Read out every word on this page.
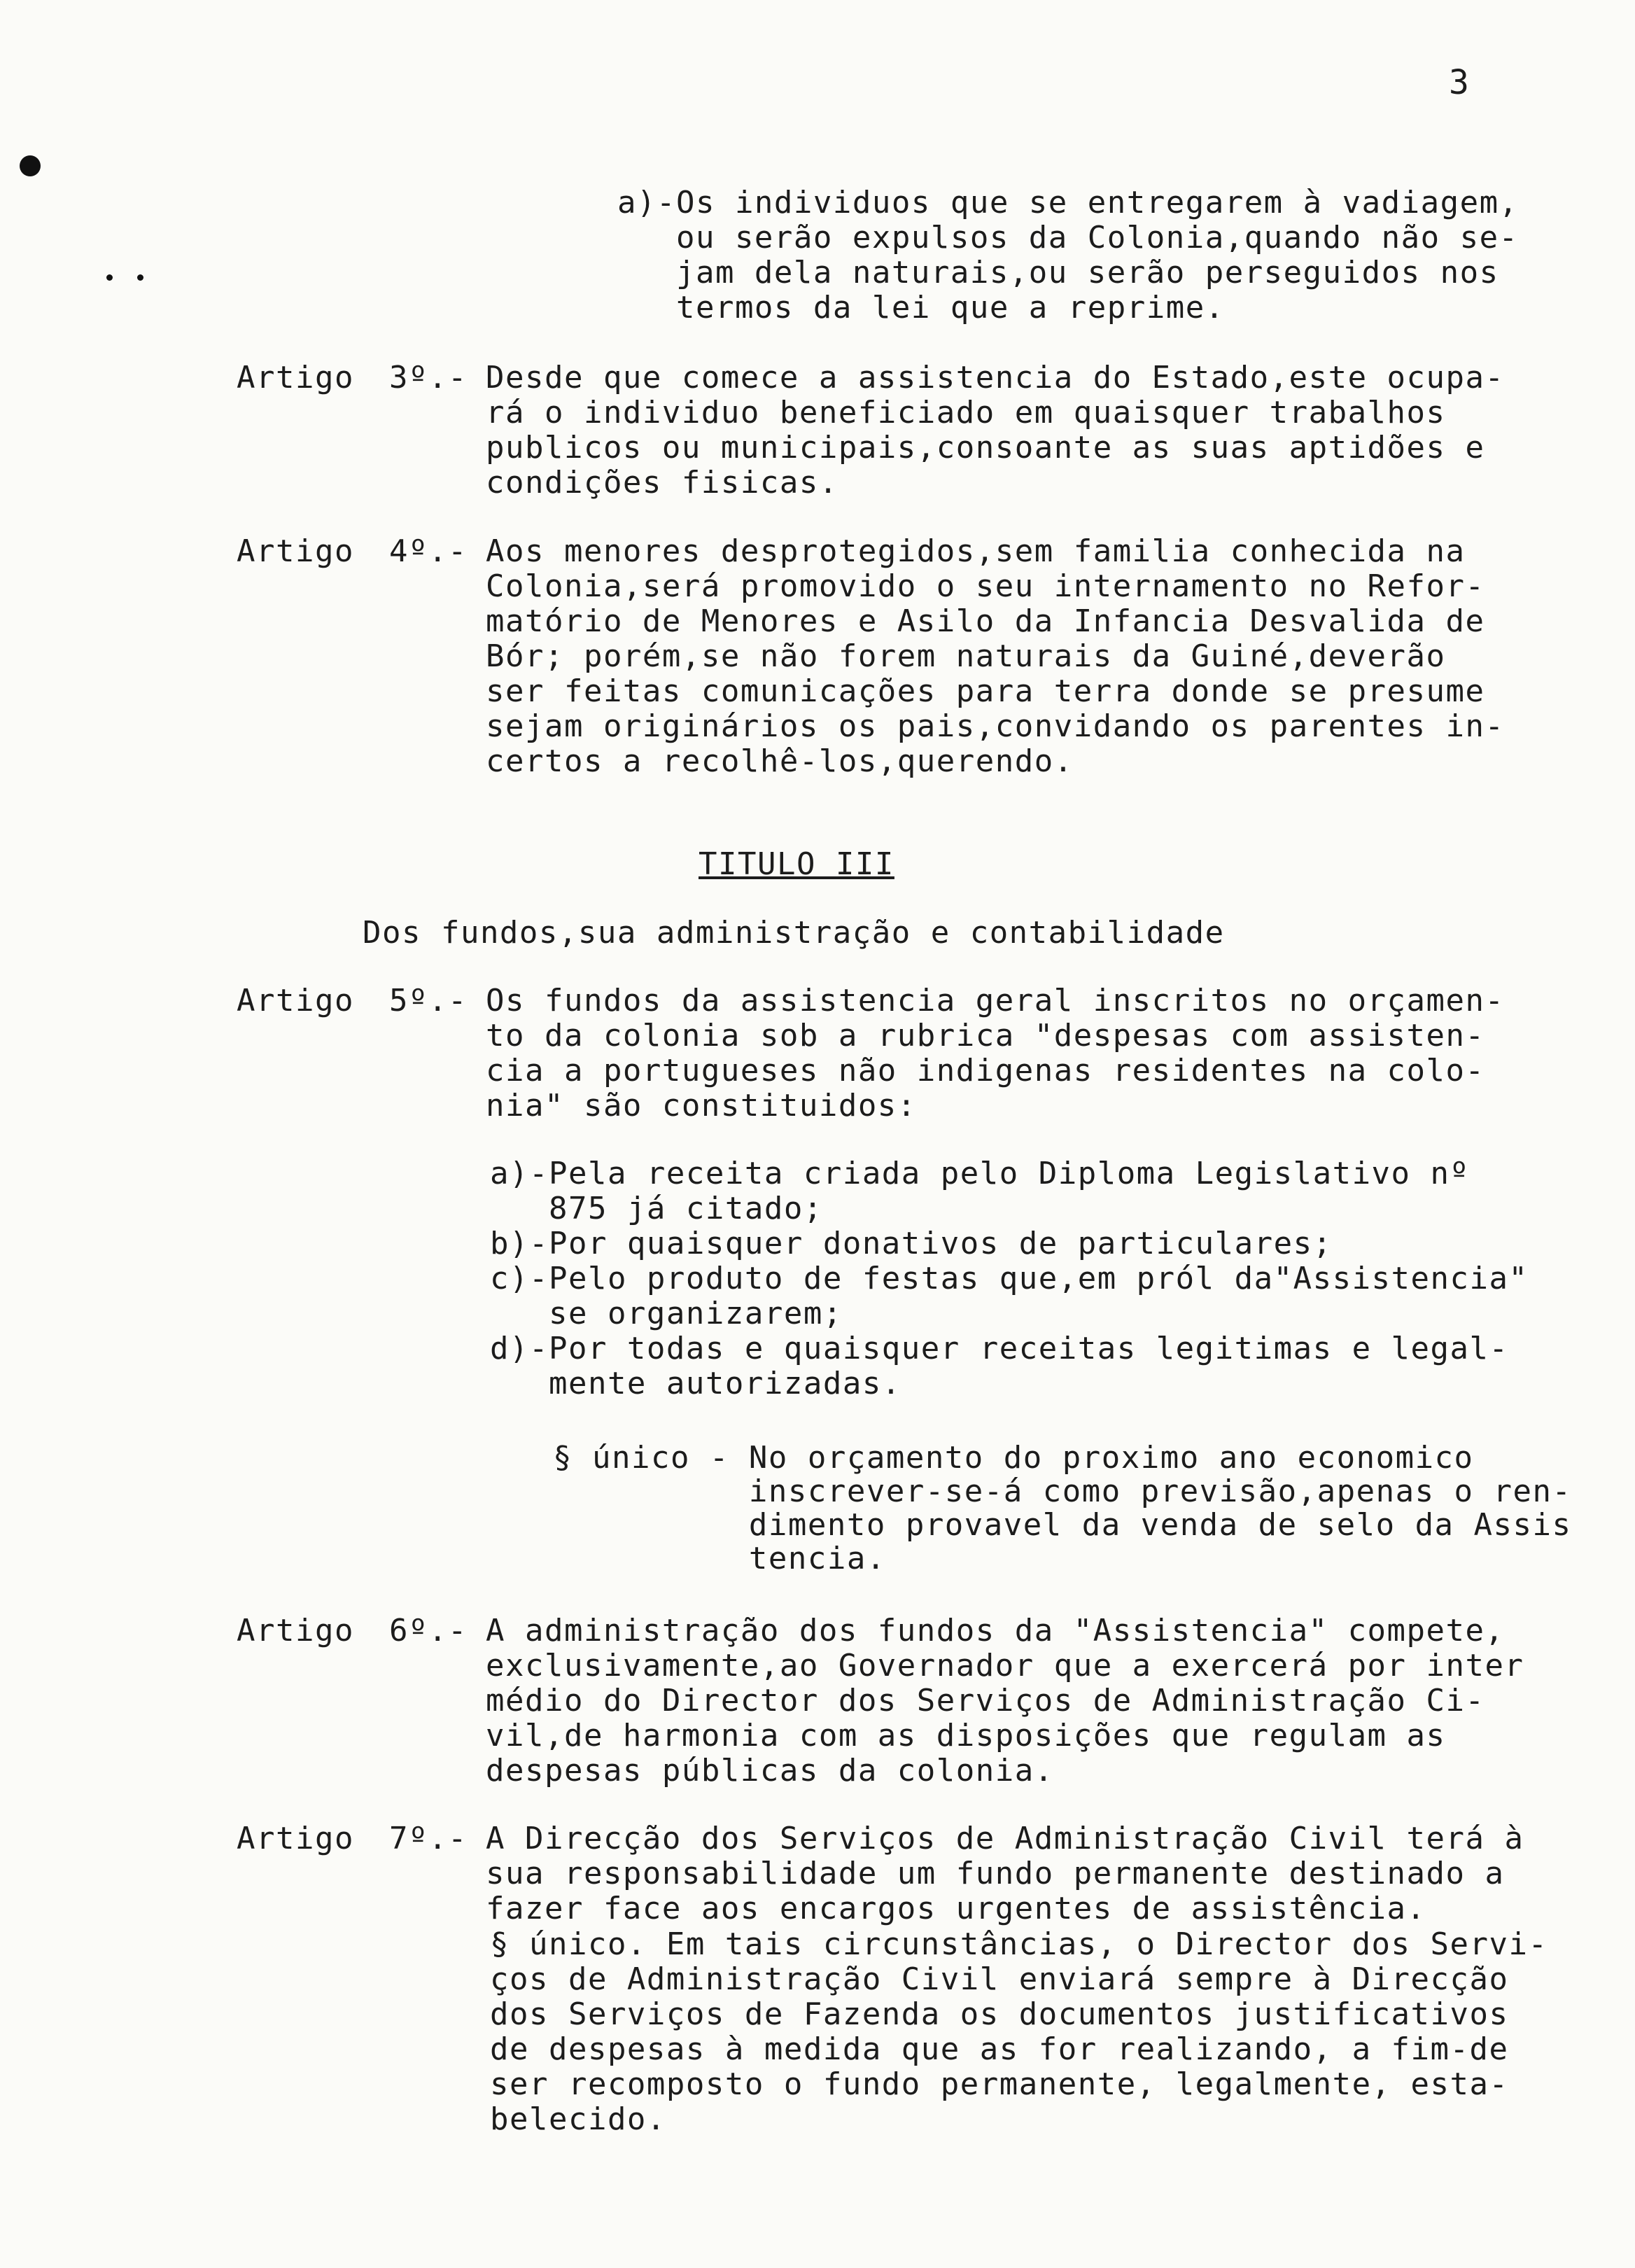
3
a)-Os individuos que se entregarem à vadiagem,
ou serão expulsos da Colonia,quando não se-
jam dela naturais,ou serão perseguidos nos
termos da lei que a reprime.
Artigo 3º.- Desde que comece a assistencia do Estado,este ocupa-
rá o individuo beneficiado em quaisquer trabalhos
publicos ou municipais,consoante as suas aptidões e
condições fisicas.
Artigo 4º.- Aos menores desprotegidos,sem familia conhecida na
Colonia,será promovido o seu internamento no Refor-
matório de Menores e Asilo da Infancia Desvalida de
Bór; porém,se não forem naturais da Guiné,deverão
ser feitas comunicações para terra donde se presume
sejam originários os pais,convidando os parentes in-
certos a recolhê-los,querendo.
TITULO III
Dos fundos,sua administração e contabilidade
Artigo 5º.- Os fundos da assistencia geral inscritos no orçamen-
to da colonia sob a rubrica "despesas com assisten-
cia a portugueses não indigenas residentes na colo-
nia" são constituidos:
a)-Pela receita criada pelo Diploma Legislativo nº
875 já citado;
b)-Por quaisquer donativos de particulares;
c)-Pelo produto de festas que,em pról da"Assistencia"
se organizarem;
d)-Por todas e quaisquer receitas legitimas e legal-
mente autorizadas.
§ único - No orçamento do proximo ano economico
inscrever-se-á como previsão,apenas o ren-
dimento provavel da venda de selo da Assis
tencia.
Artigo 6º.- A administração dos fundos da "Assistencia" compete,
exclusivamente,ao Governador que a exercerá por inter
médio do Director dos Serviços de Administração Ci-
vil,de harmonia com as disposições que regulam as
despesas públicas da colonia.
Artigo 7º.- A Direcção dos Serviços de Administração Civil terá à
sua responsabilidade um fundo permanente destinado a
fazer face aos encargos urgentes de assistência.
§ único. Em tais circunstâncias, o Director dos Servi-
ços de Administração Civil enviará sempre à Direcção
dos Serviços de Fazenda os documentos justificativos
de despesas à medida que as for realizando, a fim-de
ser recomposto o fundo permanente, legalmente, esta-
belecido.
